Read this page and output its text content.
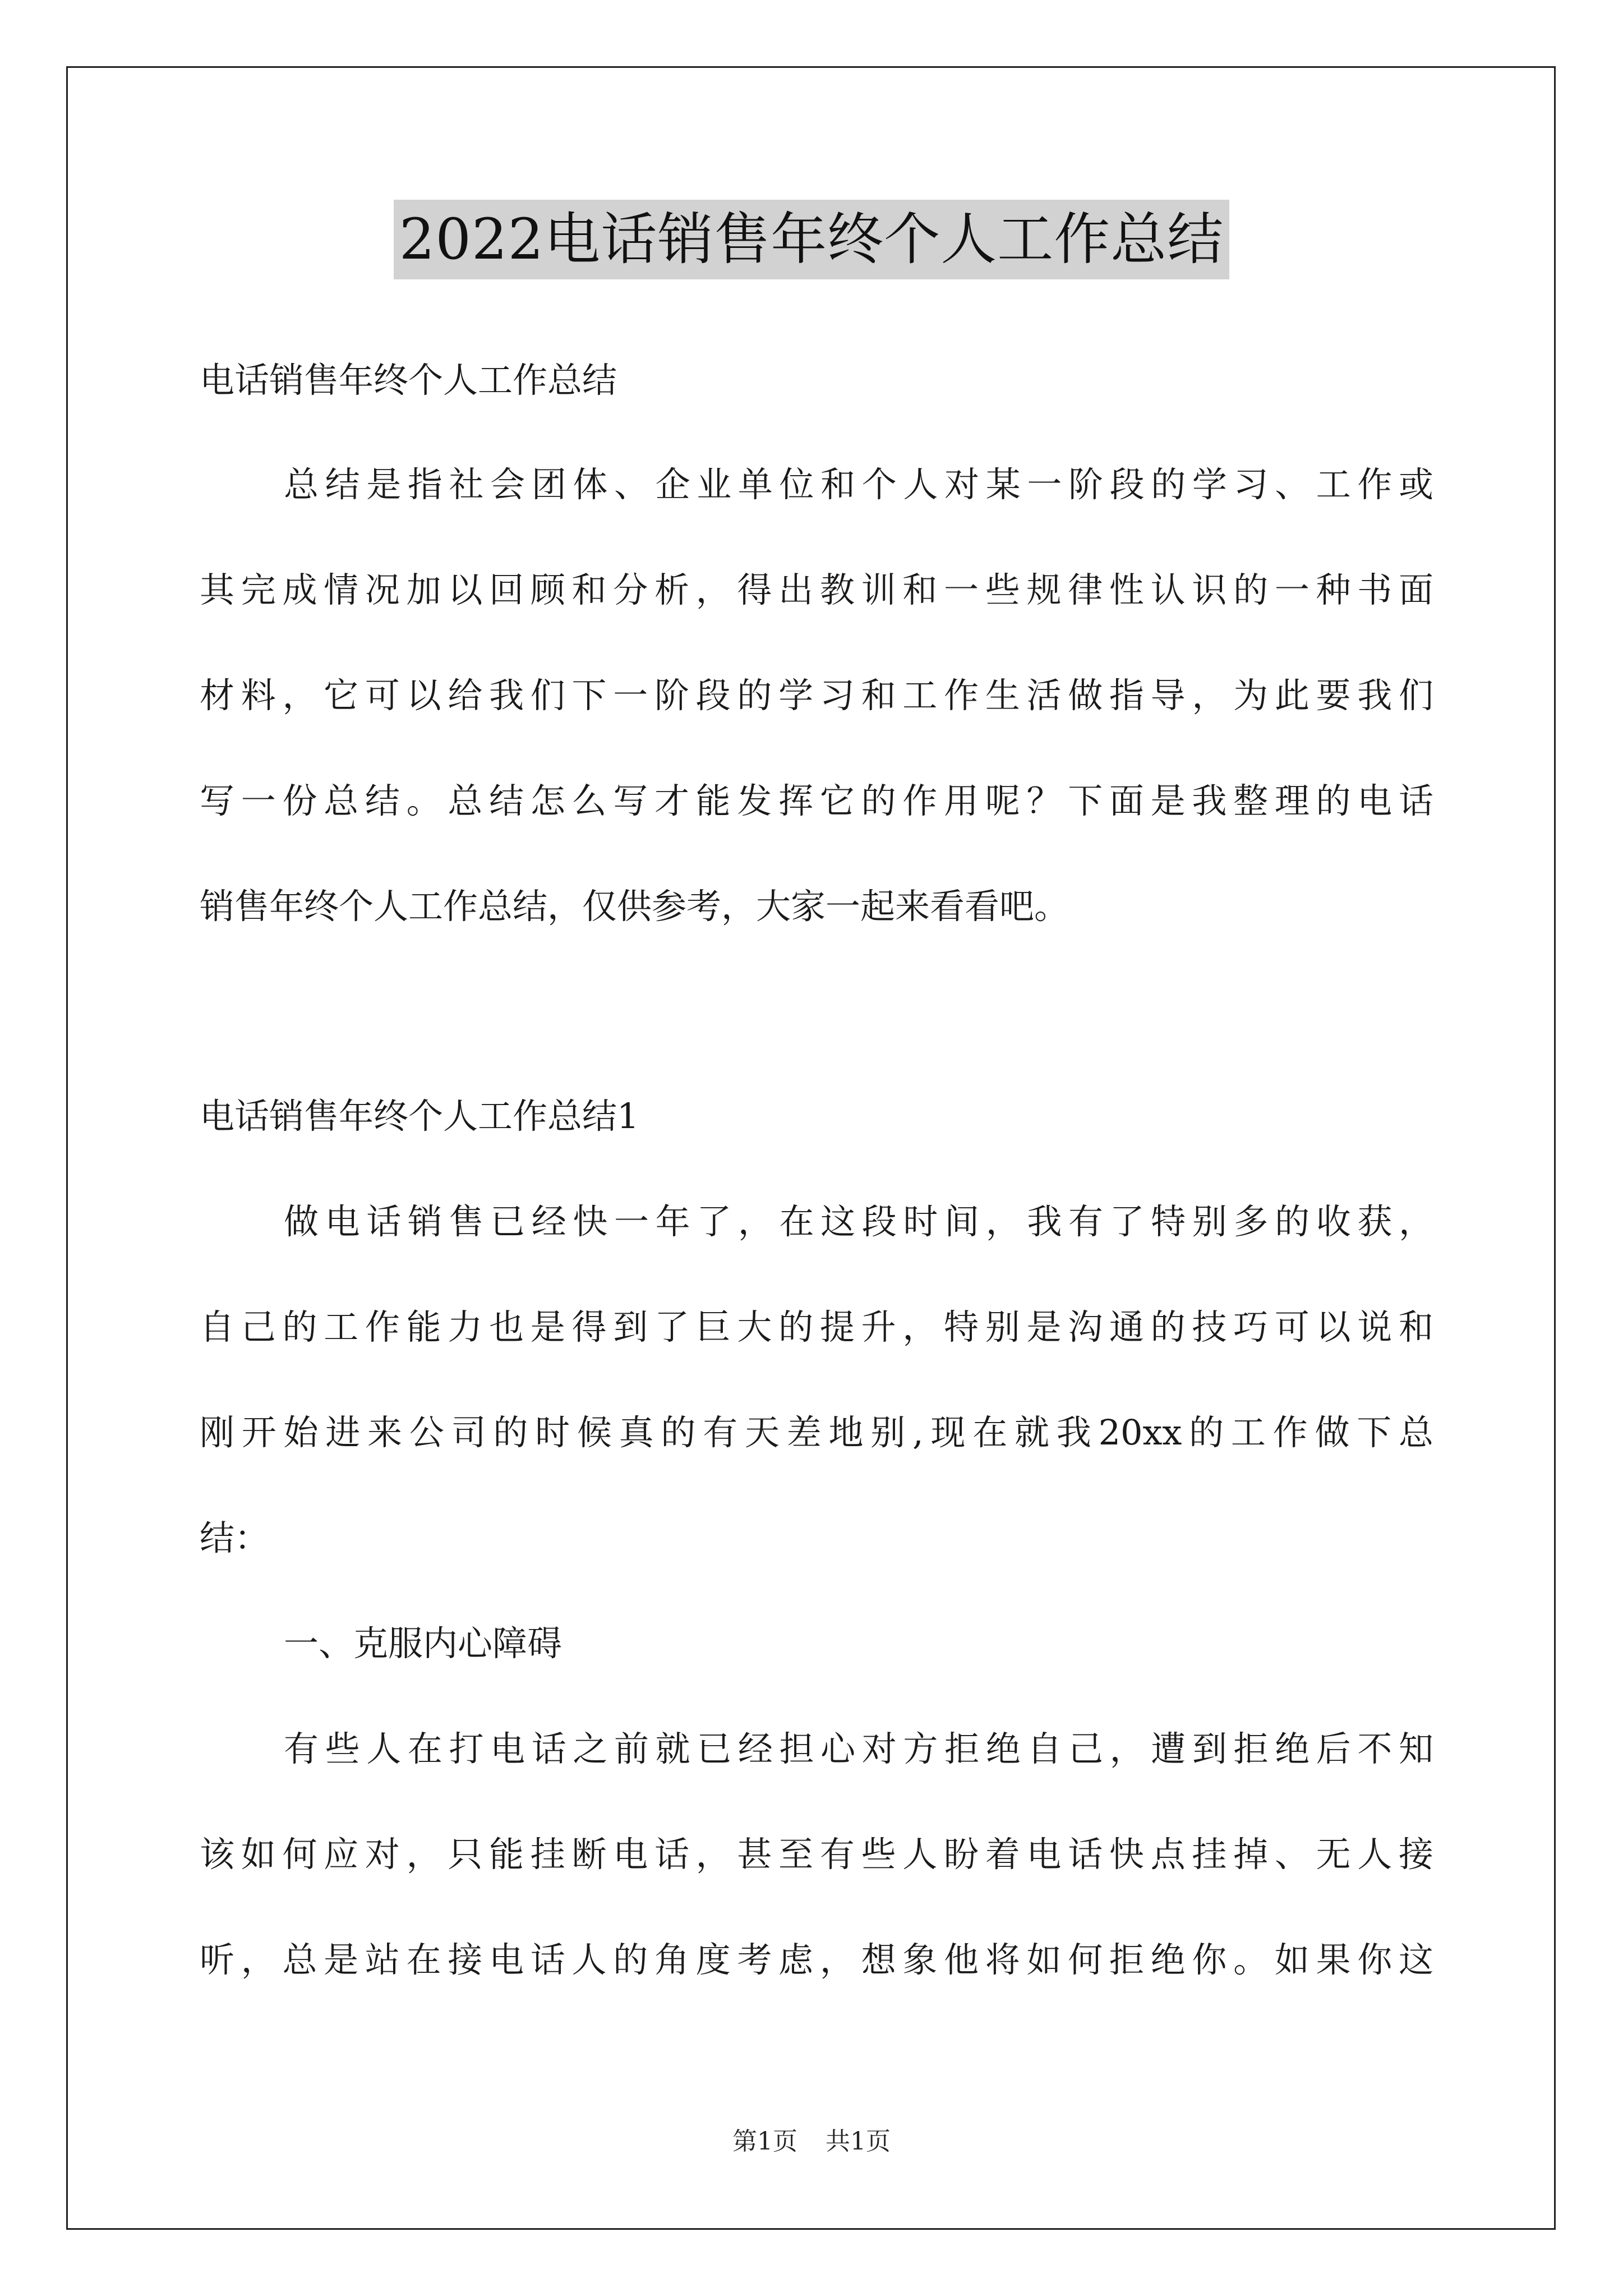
2022电话销售年终个人工作总结
电话销售年终个人工作总结
总结是指社会团体、企业单位和个人对某一阶段的学习、工作或
其完成情况加以回顾和分析，得出教训和一些规律性认识的一种书面
材料，它可以给我们下一阶段的学习和工作生活做指导，为此要我们
写一份总结。总结怎么写才能发挥它的作用呢？下面是我整理的电话
销售年终个人工作总结，仅供参考，大家一起来看看吧。
电话销售年终个人工作总结1
做电话销售已经快一年了，在这段时间，我有了特别多的收获，
自己的工作能力也是得到了巨大的提升，特别是沟通的技巧可以说和
刚开始进来公司的时候真的有天差地别,现在就我20xx的工作做下总
结：
一、克服内心障碍
有些人在打电话之前就已经担心对方拒绝自己，遭到拒绝后不知
该如何应对，只能挂断电话，甚至有些人盼着电话快点挂掉、无人接
听，总是站在接电话人的角度考虑，想象他将如何拒绝你。如果你这
第1页 共1页
